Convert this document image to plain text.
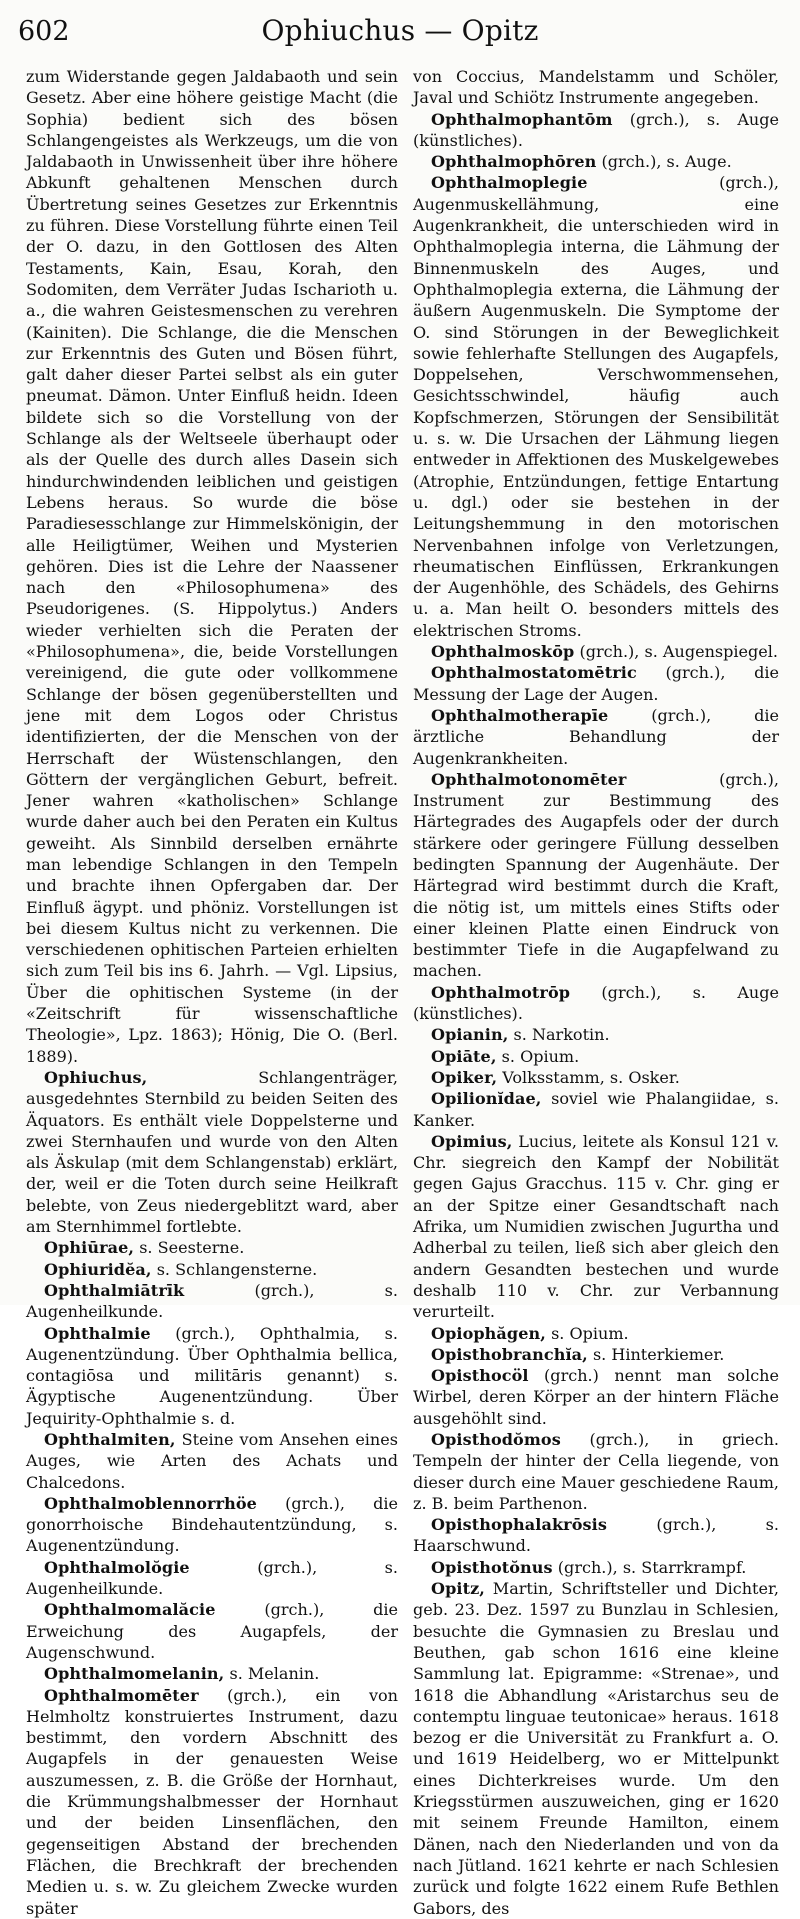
602	Ophiuchus — Opitz

zum Widerstande gegen Jaldabaoth und sein Gesetz. Aber eine höhere geistige Macht (die Sophia) bedient sich des bösen Schlangengeistes als Werkzeugs, um die von Jaldabaoth in Unwissenheit über ihre höhere Abkunft gehaltenen Menschen durch Übertretung seines Gesetzes zur Erkenntnis zu führen. Diese Vorstellung führte einen Teil der O. dazu, in den Gottlosen des Alten Testaments, Kain, Esau, Korah, den Sodomiten, dem Verräter Judas Ischarioth u. a., die wahren Geistesmenschen zu verehren (Kainiten). Die Schlange, die die Menschen zur Erkenntnis des Guten und Bösen führt, galt daher dieser Partei selbst als ein guter pneumat. Dämon. Unter Einfluß heidn. Ideen bildete sich so die Vorstellung von der Schlange als der Weltseele überhaupt oder als der Quelle des durch alles Dasein sich hindurchwindenden leiblichen und geistigen Lebens heraus. So wurde die böse Paradiesesschlange zur Himmelskönigin, der alle Heiligtümer, Weihen und Mysterien gehören. Dies ist die Lehre der Naassener nach den «Philosophumena» des Pseudorigenes. (S. Hippolytus.) Anders wieder verhielten sich die Peraten der «Philosophumena», die, beide Vorstellungen vereinigend, die gute oder vollkommene Schlange der bösen gegenüberstellten und jene mit dem Logos oder Christus identifizierten, der die Menschen von der Herrschaft der Wüstenschlangen, den Göttern der vergänglichen Geburt, befreit. Jener wahren «katholischen» Schlange wurde daher auch bei den Peraten ein Kultus geweiht. Als Sinnbild derselben ernährte man lebendige Schlangen in den Tempeln und brachte ihnen Opfergaben dar. Der Einfluß ägypt. und phöniz. Vorstellungen ist bei diesem Kultus nicht zu verkennen. Die verschiedenen ophitischen Parteien erhielten sich zum Teil bis ins 6. Jahrh. — Vgl. Lipsius, Über die ophitischen Systeme (in der «Zeitschrift für wissenschaftliche Theologie», Lpz. 1863); Hönig, Die O. (Berl. 1889).

Ophiuchus,	Schlangenträger, ausgedehntes Sternbild zu beiden Seiten des Äquators. Es enthält viele Doppelsterne und zwei Sternhaufen und wurde von den Alten als Äskulap (mit dem Schlangenstab) erklärt, der, weil er die Toten durch seine Heilkraft belebte, von Zeus niedergeblitzt ward, aber am Sternhimmel fortlebte.

Ophiūrae, s. Seesterne.

Ophiuridĕa, s. Schlangensterne.

Ophthalmiātrīk	(grch.), s. Augenheilkunde.

Ophthalmie (grch.), Ophthalmia, s. Augenentzündung. Über Ophthalmia bellica, contagiōsa und militāris genannt) s. Ägyptische Augenentzündung. Über Jequirity-Ophthalmie s. d.

Ophthalmiten, Steine vom Ansehen eines Auges, wie Arten des Achats und Chalcedons.

Ophthalmoblennorrhöe (grch.), die gonorrhoische Bindehautentzündung, s. Augenentzündung.

Ophthalmolŏgie	(grch.), s. Augenheilkunde.

Ophthalmomalăcie	(grch.), die Erweichung des Augapfels, der Augenschwund.

Ophthalmomelanin, s. Melanin.

Ophthalmomēter (grch.), ein von Helmholtz konstruiertes Instrument, dazu bestimmt, den vordern Abschnitt des Augapfels in der genauesten Weise auszumessen, z. B. die Größe der Hornhaut, die Krümmungshalbmesser der Hornhaut und der beiden Linsenflächen, den gegenseitigen Abstand der brechenden Flächen, die Brechkraft der brechenden Medien u. s. w. Zu gleichem Zwecke wurden später

von Coccius, Mandelstamm und Schöler, Javal und Schiötz Instrumente angegeben.

Ophthalmophantōm (grch.), s. Auge (künstliches).

Ophthalmophōren (grch.), s. Auge.

Ophthalmoplegie	(grch.), Augenmuskellähmung, eine Augenkrankheit, die unterschieden wird in Ophthalmoplegia interna, die Lähmung der Binnenmuskeln des Auges, und Ophthalmoplegia externa, die Lähmung der äußern Augenmuskeln. Die Symptome der O. sind Störungen in der Beweglichkeit sowie fehlerhafte Stellungen des Augapfels, Doppelsehen, Verschwommensehen, Gesichtsschwindel, häufig auch Kopfschmerzen, Störungen der Sensibilität u. s. w. Die Ursachen der Lähmung liegen entweder in Affektionen des Muskelgewebes (Atrophie, Entzündungen, fettige Entartung u. dgl.) oder sie bestehen in der Leitungshemmung in den motorischen Nervenbahnen infolge von Verletzungen, rheumatischen Einflüssen, Erkrankungen der Augenhöhle, des Schädels, des Gehirns u. a. Man heilt O. besonders mittels des elektrischen Stroms.

Ophthalmoskōp (grch.), s. Augenspiegel.

Ophthalmostatomētric (grch.), die Messung der Lage der Augen.

Ophthalmotherapīe	(grch.), die ärztliche Behandlung der Augenkrankheiten.

Ophthalmotonomēter	(grch.), Instrument zur Bestimmung des Härtegrades des Augapfels oder der durch stärkere oder geringere Füllung desselben bedingten Spannung der Augenhäute. Der Härtegrad wird bestimmt durch die Kraft, die nötig ist, um mittels eines Stifts oder einer kleinen Platte einen Eindruck von bestimmter Tiefe in die Augapfelwand zu machen.

Ophthalmotrōp (grch.), s. Auge (künstliches).

Opianin, s. Narkotin.

Opiāte, s. Opium.

Opiker, Volksstamm, s. Osker.

Opilionĭdae, soviel wie Phalangiidae, s. Kanker.

Opimius, Lucius, leitete als Konsul 121 v. Chr. siegreich den Kampf der Nobilität gegen Gajus Gracchus. 115 v. Chr. ging er an der Spitze einer Gesandtschaft nach Afrika, um Numidien zwischen Jugurtha und Adherbal zu teilen, ließ sich aber gleich den andern Gesandten bestechen und wurde deshalb 110 v. Chr. zur Verbannung verurteilt.

Opiophăgen, s. Opium.

Opisthobranchĭa, s. Hinterkiemer.

Opisthocöl (grch.) nennt man solche Wirbel, deren Körper an der hintern Fläche ausgehöhlt sind.

Opisthodŏmos (grch.), in griech. Tempeln der hinter der Cella liegende, von dieser durch eine Mauer geschiedene Raum, z. B. beim Parthenon.

Opisthophalakrōsis	(grch.), s. Haarschwund.

Opisthotŏnus (grch.), s. Starrkrampf.

Opitz, Martin, Schriftsteller und Dichter, geb. 23. Dez. 1597 zu Bunzlau in Schlesien, besuchte die Gymnasien zu Breslau und Beuthen, gab schon 1616 eine kleine Sammlung lat. Epigramme: «Strenae», und 1618 die Abhandlung «Aristarchus seu de contemptu linguae teutonicae» heraus. 1618 bezog er die Universität zu Frankfurt a. O. und 1619 Heidelberg, wo er Mittelpunkt eines Dichterkreises wurde. Um den Kriegsstürmen auszuweichen, ging er 1620 mit seinem Freunde Hamilton, einem Dänen, nach den Niederlanden und von da nach Jütland. 1621 kehrte er nach Schlesien zurück und folgte 1622 einem Rufe Bethlen Gabors, des
